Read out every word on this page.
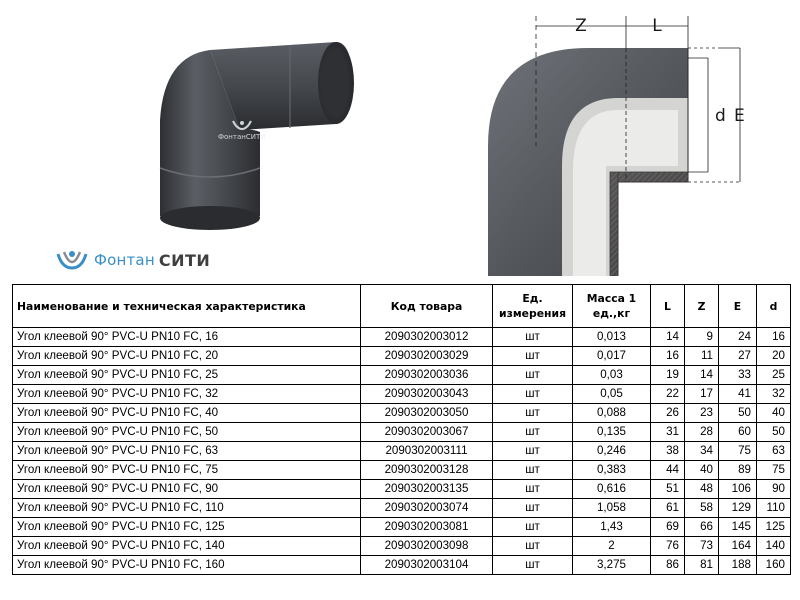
ФонтанСИТИ
Фонтан СИТИ
Z	L
d E
Наименование и техническая характеристика	Код товара	Ед. измерения	Масса 1 ед.,кг	L	Z	E	d
Угол клеевой 90° PVC-U PN10 FC, 16	2090302003012	шт	0,013	14	9	24	16
Угол клеевой 90° PVC-U PN10 FC, 20	2090302003029	шт	0,017	16	11	27	20
Угол клеевой 90° PVC-U PN10 FC, 25	2090302003036	шт	0,03	19	14	33	25
Угол клеевой 90° PVC-U PN10 FC, 32	2090302003043	шт	0,05	22	17	41	32
Угол клеевой 90° PVC-U PN10 FC, 40	2090302003050	шт	0,088	26	23	50	40
Угол клеевой 90° PVC-U PN10 FC, 50	2090302003067	шт	0,135	31	28	60	50
Угол клеевой 90° PVC-U PN10 FC, 63	2090302003111	шт	0,246	38	34	75	63
Угол клеевой 90° PVC-U PN10 FC, 75	2090302003128	шт	0,383	44	40	89	75
Угол клеевой 90° PVC-U PN10 FC, 90	2090302003135	шт	0,616	51	48	106	90
Угол клеевой 90° PVC-U PN10 FC, 110	2090302003074	шт	1,058	61	58	129	110
Угол клеевой 90° PVC-U PN10 FC, 125	2090302003081	шт	1,43	69	66	145	125
Угол клеевой 90° PVC-U PN10 FC, 140	2090302003098	шт	2	76	73	164	140
Угол клеевой 90° PVC-U PN10 FC, 160	2090302003104	шт	3,275	86	81	188	160
